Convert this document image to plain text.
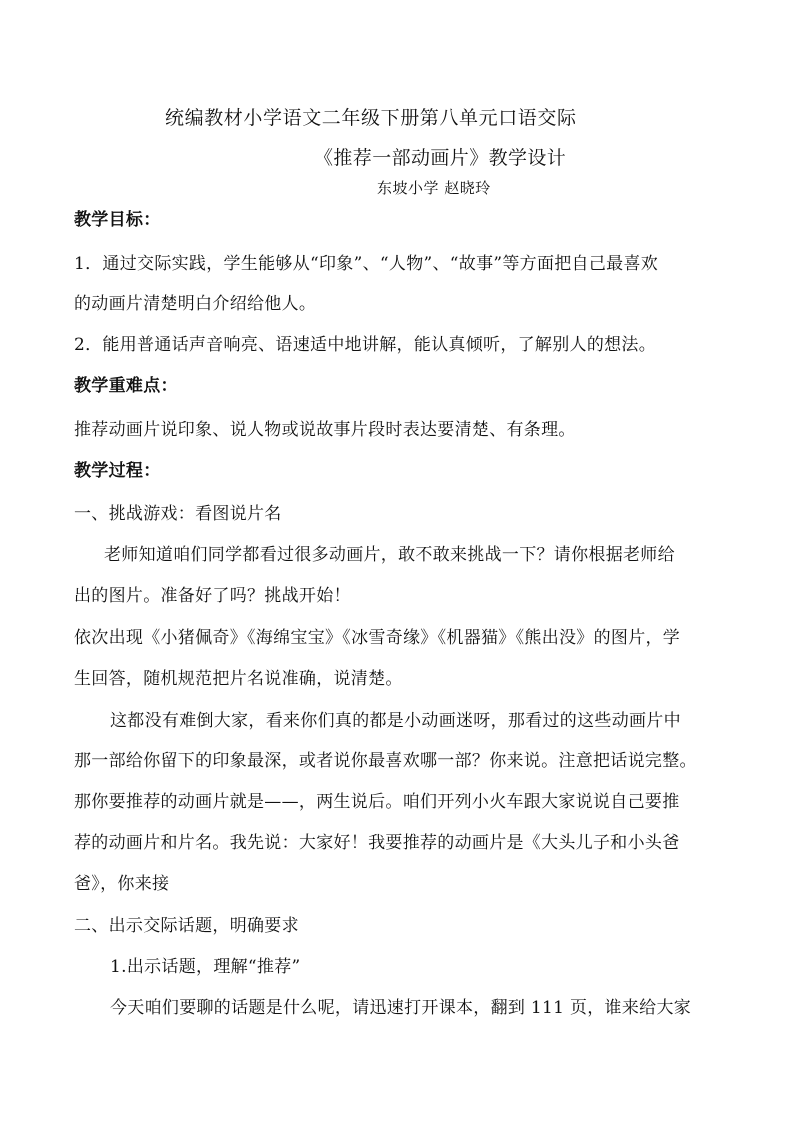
统编教材小学语文二年级下册第八单元口语交际
《推荐一部动画片》教学设计
东坡小学 赵晓玲
教学目标：
1．通过交际实践，学生能够从“印象”、“人物”、“故事”等方面把自己最喜欢
的动画片清楚明白介绍给他人。
2．能用普通话声音响亮、语速适中地讲解，能认真倾听，了解别人的想法。
教学重难点：
推荐动画片说印象、说人物或说故事片段时表达要清楚、有条理。
教学过程：
一、挑战游戏：看图说片名
老师知道咱们同学都看过很多动画片，敢不敢来挑战一下？请你根据老师给
出的图片。准备好了吗？挑战开始！
依次出现《小猪佩奇》《海绵宝宝》《冰雪奇缘》《机器猫》《熊出没》的图片，学
生回答，随机规范把片名说准确，说清楚。
这都没有难倒大家，看来你们真的都是小动画迷呀，那看过的这些动画片中
那一部给你留下的印象最深，或者说你最喜欢哪一部？你来说。注意把话说完整。
那你要推荐的动画片就是——，两生说后。咱们开列小火车跟大家说说自己要推
荐的动画片和片名。我先说：大家好！我要推荐的动画片是《大头儿子和小头爸
爸》，你来接
二、出示交际话题，明确要求
1.出示话题，理解“推荐”
今天咱们要聊的话题是什么呢，请迅速打开课本，翻到 111 页，谁来给大家
